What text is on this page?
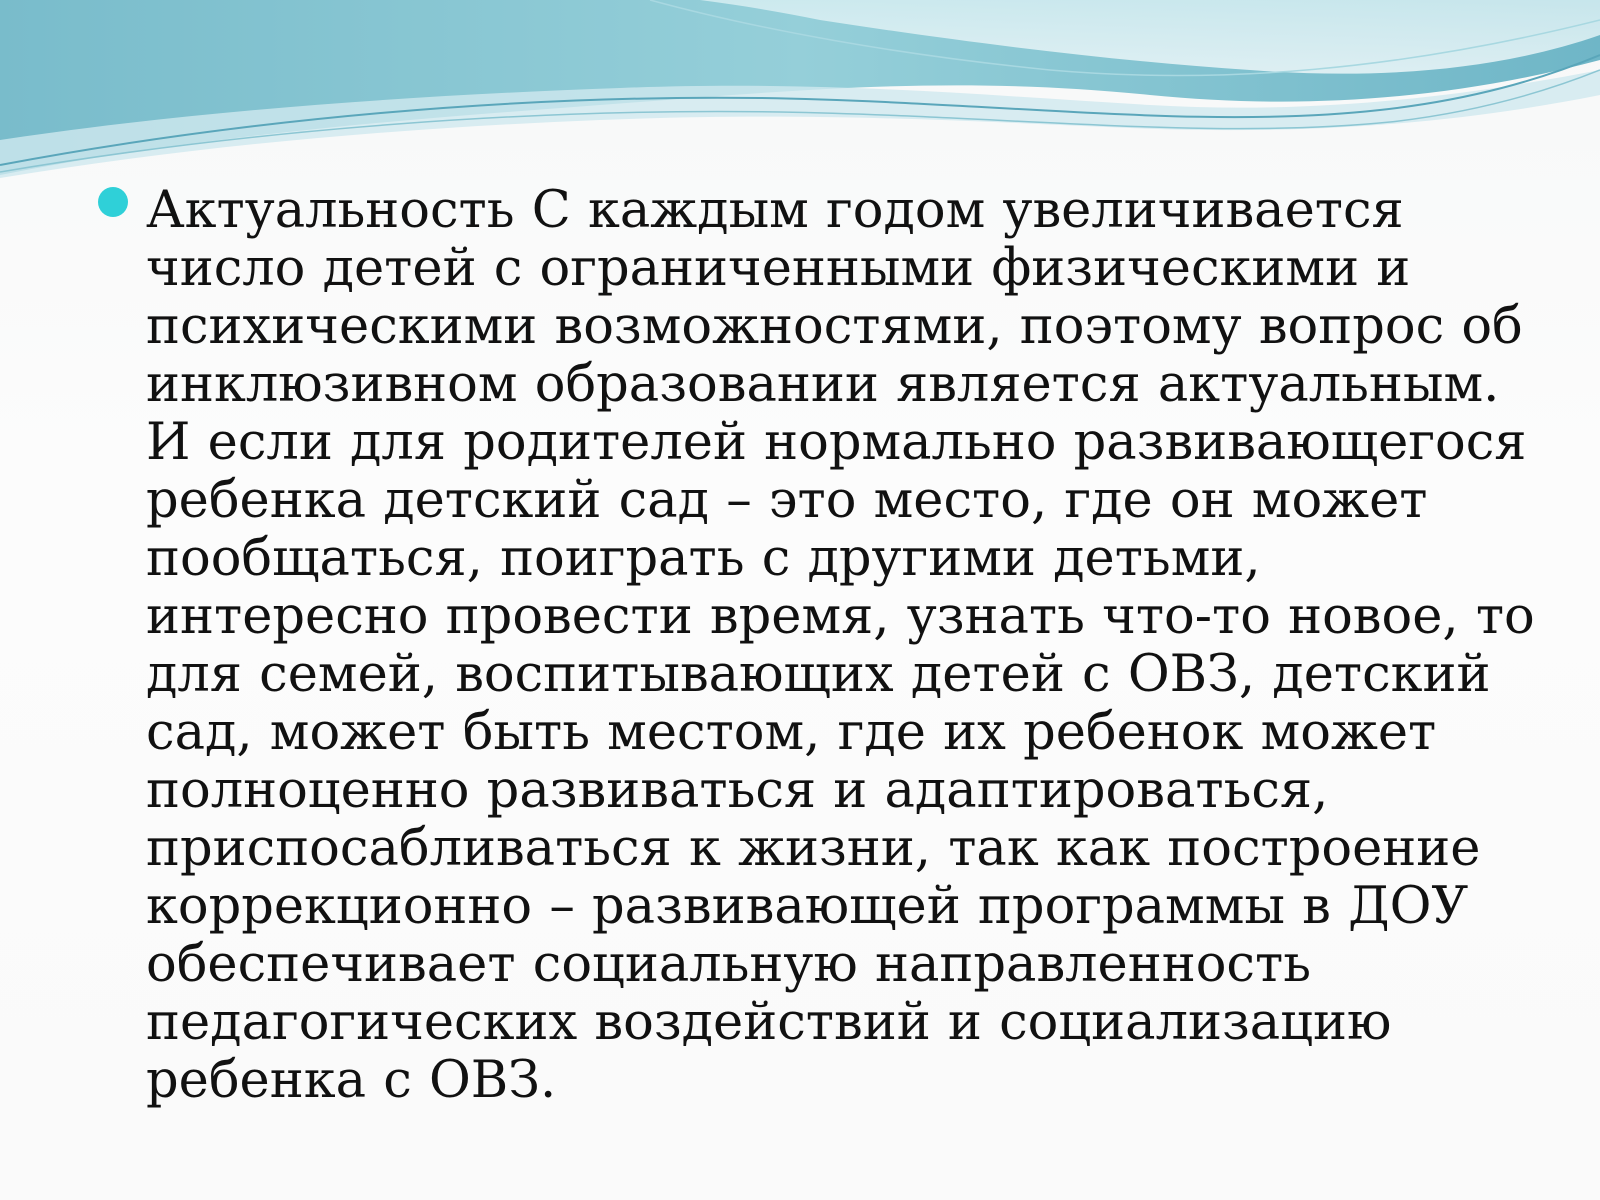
Актуальность С каждым годом увеличивается число детей с ограниченными физическими и психическими возможностями, поэтому вопрос об инклюзивном образовании является актуальным. И если для родителей нормально развивающегося ребенка детский сад – это место, где он может пообщаться, поиграть с другими детьми, интересно провести время, узнать что-то новое, то для семей, воспитывающих детей с ОВЗ, детский сад, может быть местом, где их ребенок может полноценно развиваться и адаптироваться, приспосабливаться к жизни, так как построение коррекционно – развивающей программы в ДОУ обеспечивает социальную направленность педагогических воздействий и социализацию ребенка с ОВЗ.
